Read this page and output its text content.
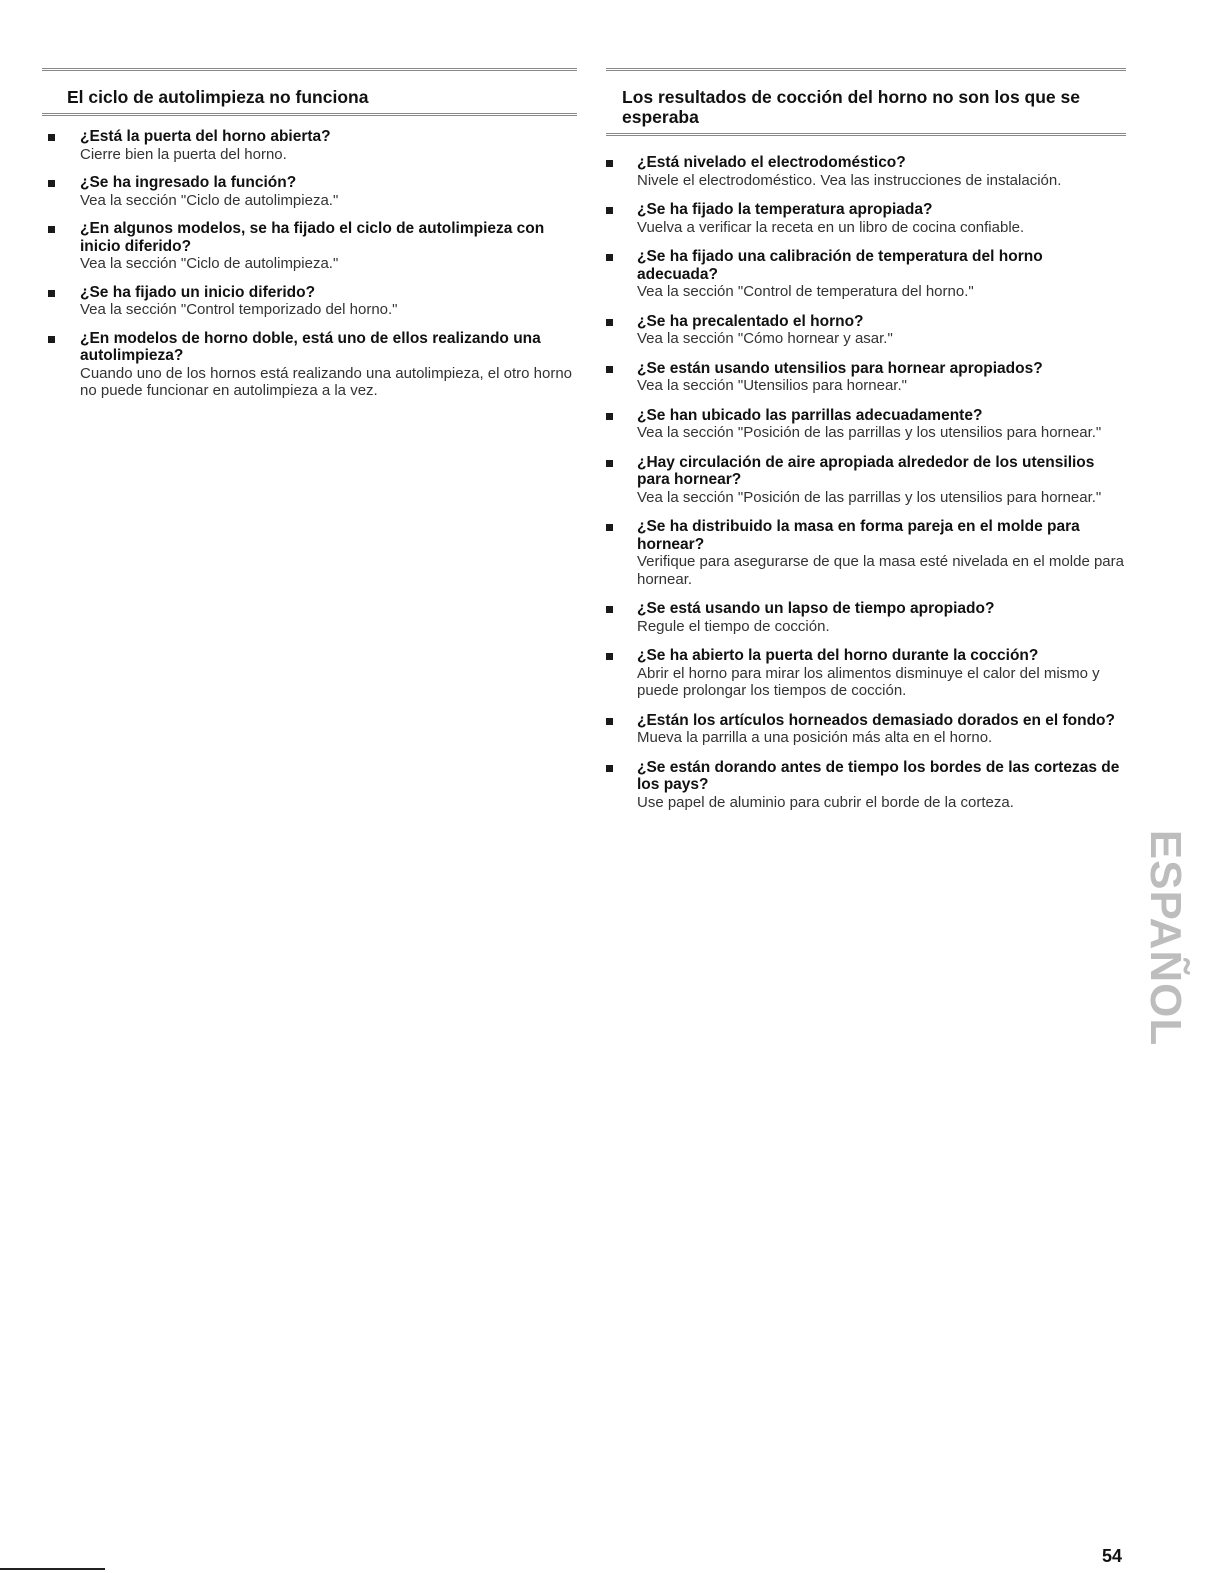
El ciclo de autolimpieza no funciona
¿Está la puerta del horno abierta?
Cierre bien la puerta del horno.
¿Se ha ingresado la función?
Vea la sección "Ciclo de autolimpieza."
¿En algunos modelos, se ha fijado el ciclo de autolimpieza con inicio diferido?
Vea la sección "Ciclo de autolimpieza."
¿Se ha fijado un inicio diferido?
Vea la sección "Control temporizado del horno."
¿En modelos de horno doble, está uno de ellos realizando una autolimpieza?
Cuando uno de los hornos está realizando una autolimpieza, el otro horno no puede funcionar en autolimpieza a la vez.
Los resultados de cocción del horno no son los que se esperaba
¿Está nivelado el electrodoméstico?
Nivele el electrodoméstico. Vea las instrucciones de instalación.
¿Se ha fijado la temperatura apropiada?
Vuelva a verificar la receta en un libro de cocina confiable.
¿Se ha fijado una calibración de temperatura del horno adecuada?
Vea la sección "Control de temperatura del horno."
¿Se ha precalentado el horno?
Vea la sección "Cómo hornear y asar."
¿Se están usando utensilios para hornear apropiados?
Vea la sección "Utensilios para hornear."
¿Se han ubicado las parrillas adecuadamente?
Vea la sección "Posición de las parrillas y los utensilios para hornear."
¿Hay circulación de aire apropiada alrededor de los utensilios para hornear?
Vea la sección "Posición de las parrillas y los utensilios para hornear."
¿Se ha distribuido la masa en forma pareja en el molde para hornear?
Verifique para asegurarse de que la masa esté nivelada en el molde para hornear.
¿Se está usando un lapso de tiempo apropiado?
Regule el tiempo de cocción.
¿Se ha abierto la puerta del horno durante la cocción?
Abrir el horno para mirar los alimentos disminuye el calor del mismo y puede prolongar los tiempos de cocción.
¿Están los artículos horneados demasiado dorados en el fondo?
Mueva la parrilla a una posición más alta en el horno.
¿Se están dorando antes de tiempo los bordes de las cortezas de los pays?
Use papel de aluminio para cubrir el borde de la corteza.
ESPAÑOL
54
